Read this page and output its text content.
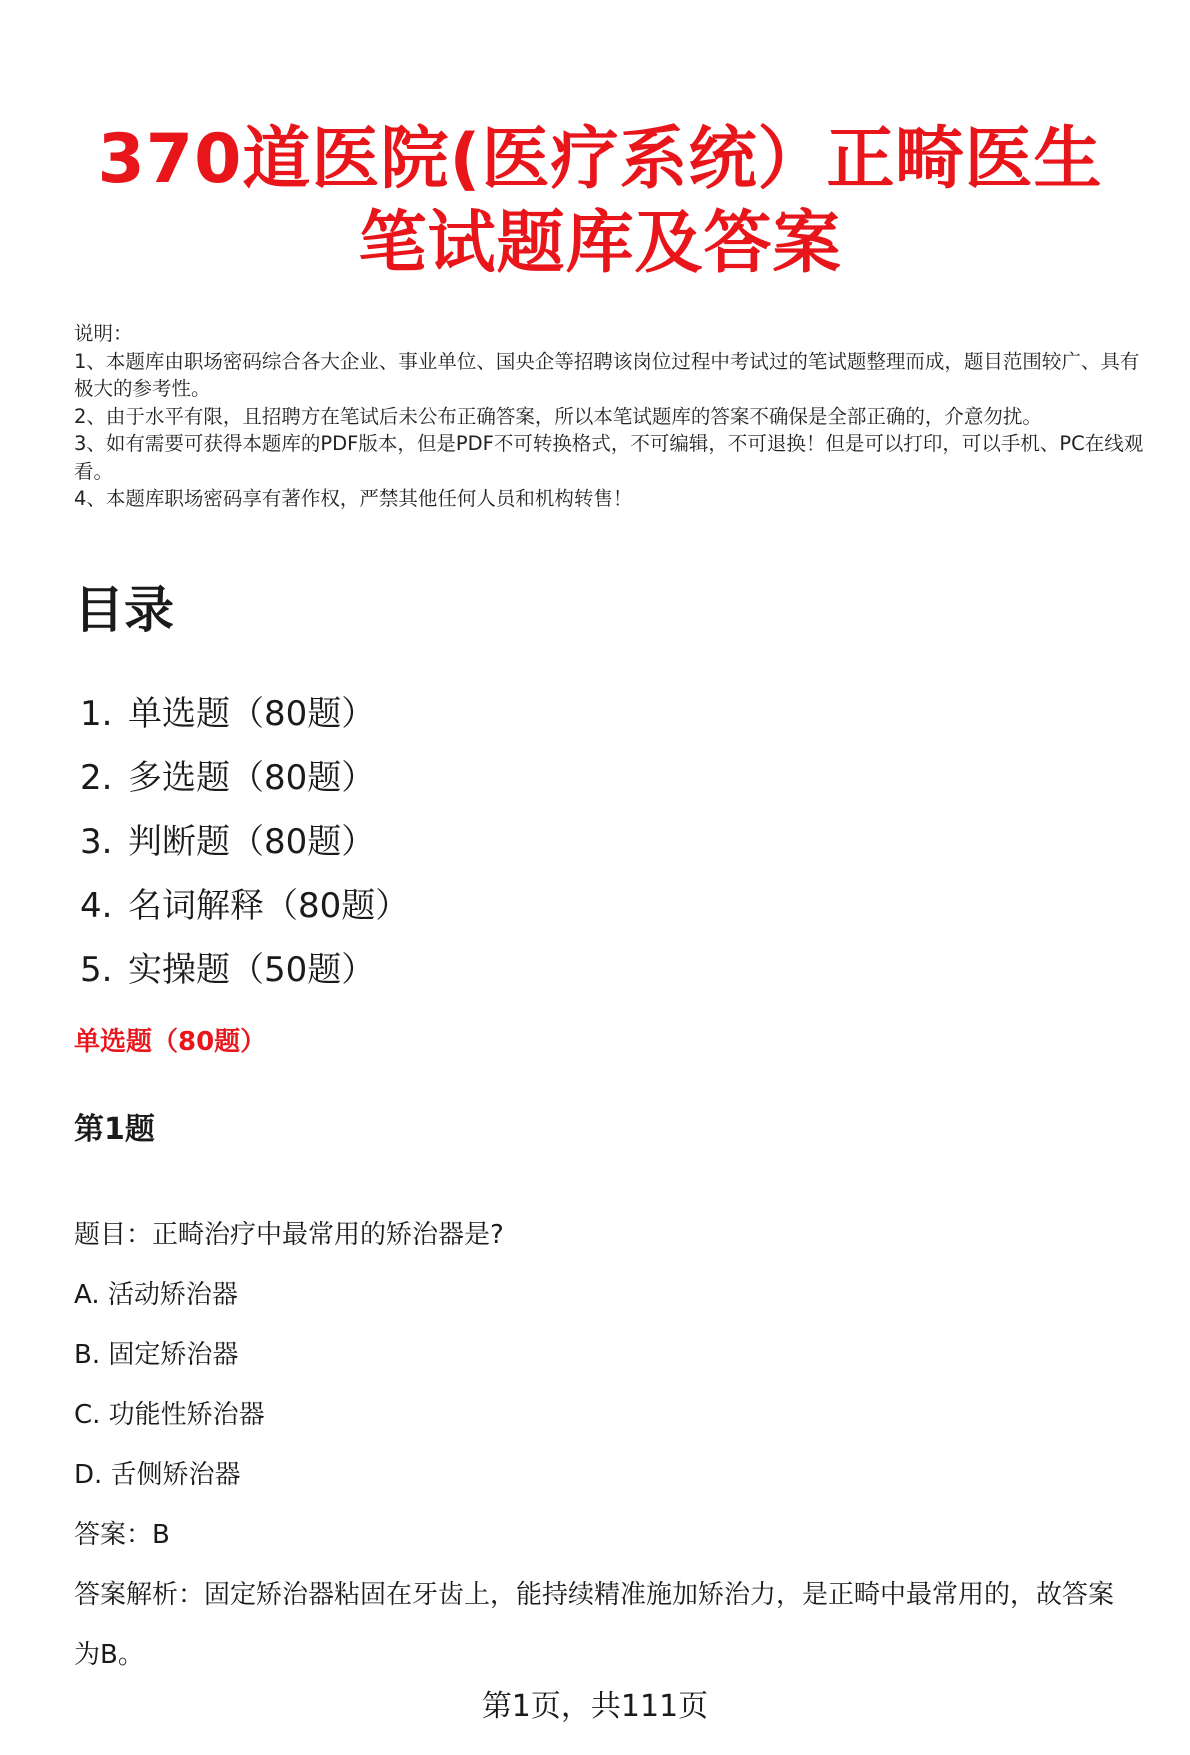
370道医院(医疗系统）正畸医生笔试题库及答案

说明：

1、本题库由职场密码综合各大企业、事业单位、国央企等招聘该岗位过程中考试过的笔试题整理而成，题目范围较广、具有极大的参考性。

2、由于水平有限，且招聘方在笔试后未公布正确答案，所以本笔试题库的答案不确保是全部正确的，介意勿扰。

3、如有需要可获得本题库的PDF版本，但是PDF不可转换格式，不可编辑，不可退换！但是可以打印，可以手机、PC在线观看。

4、本题库职场密码享有著作权，严禁其他任何人员和机构转售！

目录
1. 单选题（80题）
2. 多选题（80题）
3. 判断题（80题）
4. 名词解释（80题）
5. 实操题（50题）
单选题（80题）
第1题

题目：正畸治疗中最常用的矫治器是?

A. 活动矫治器

B. 固定矫治器

C. 功能性矫治器

D. 舌侧矫治器

答案：B

答案解析：固定矫治器粘固在牙齿上，能持续精准施加矫治力，是正畸中最常用的，故答案为B。

第1页，共111页
